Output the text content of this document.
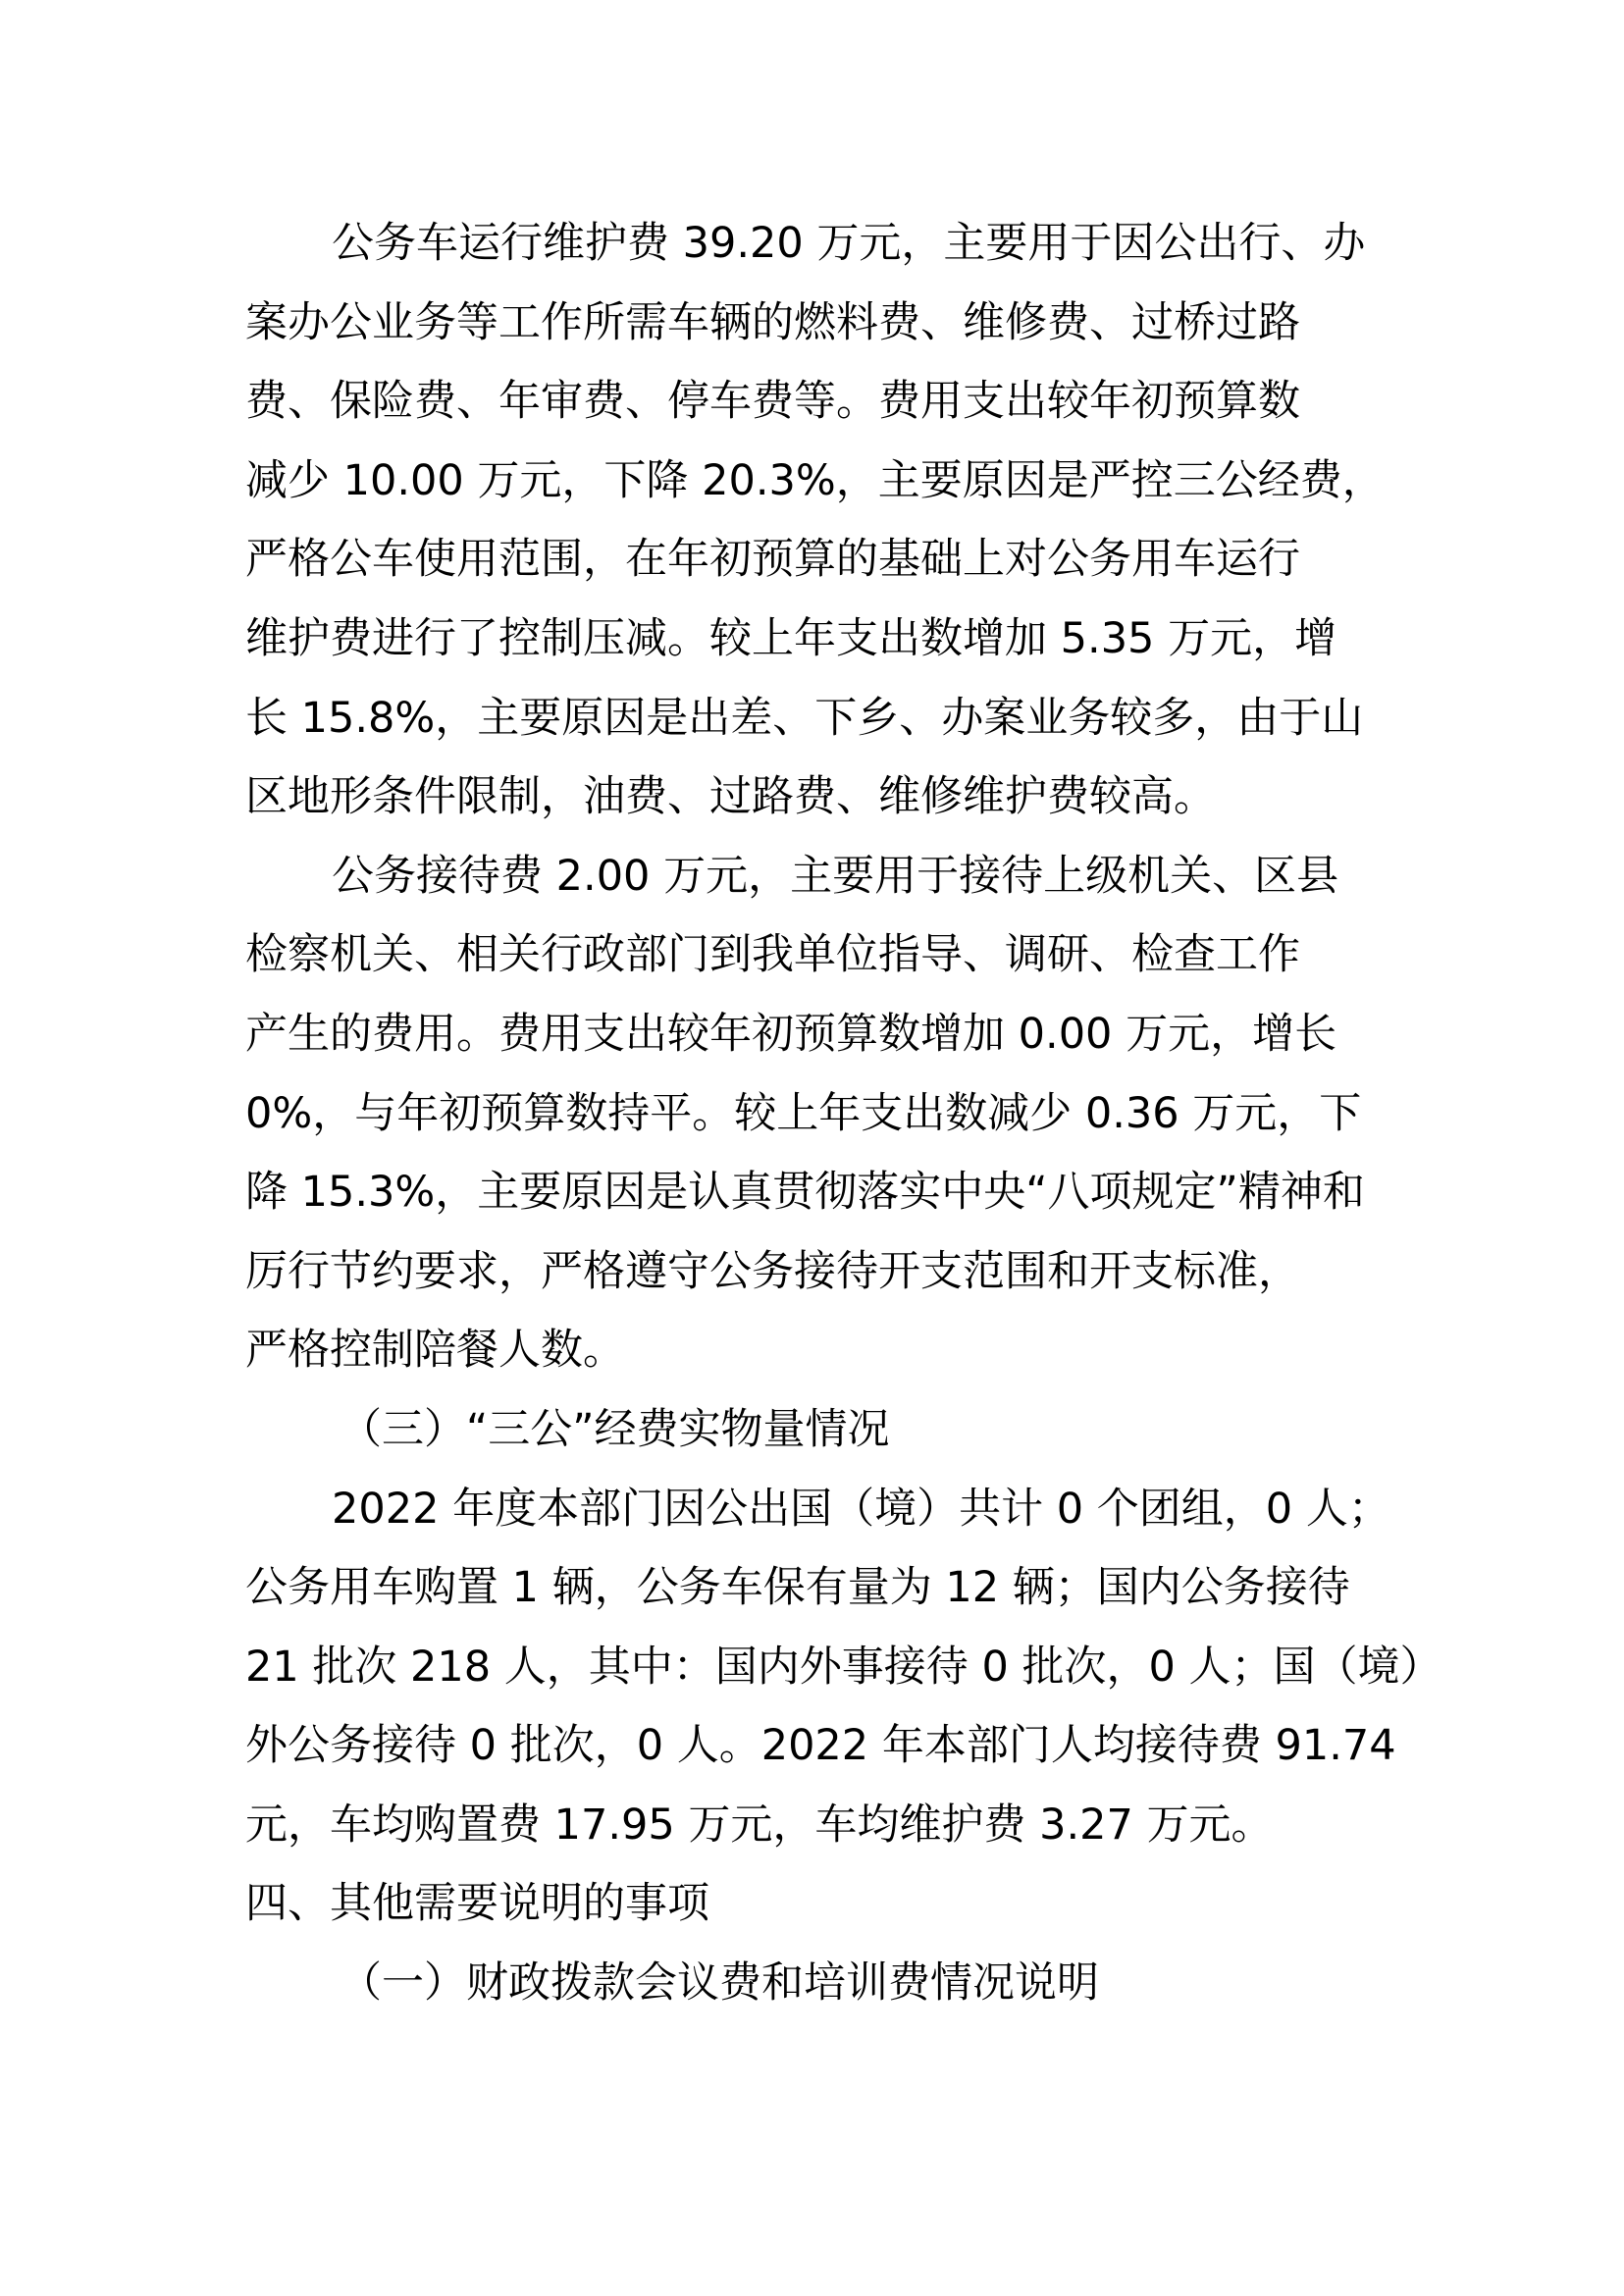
公务车运行维护费 39.20 万元，主要用于因公出行、办
案办公业务等工作所需车辆的燃料费、维修费、过桥过路
费、保险费、年审费、停车费等。费用支出较年初预算数
减少 10.00 万元，下降 20.3%，主要原因是严控三公经费，
严格公车使用范围，在年初预算的基础上对公务用车运行
维护费进行了控制压减。较上年支出数增加 5.35 万元，增
长 15.8%，主要原因是出差、下乡、办案业务较多，由于山
区地形条件限制，油费、过路费、维修维护费较高。
公务接待费 2.00 万元，主要用于接待上级机关、区县
检察机关、相关行政部门到我单位指导、调研、检查工作
产生的费用。费用支出较年初预算数增加 0.00 万元，增长
0%，与年初预算数持平。较上年支出数减少 0.36 万元，下
降 15.3%，主要原因是认真贯彻落实中央“八项规定”精神和
厉行节约要求，严格遵守公务接待开支范围和开支标准，
严格控制陪餐人数。
（三）“三公”经费实物量情况
2022 年度本部门因公出国（境）共计 0 个团组，0 人；
公务用车购置 1 辆，公务车保有量为 12 辆；国内公务接待
21 批次 218 人，其中：国内外事接待 0 批次，0 人；国（境）
外公务接待 0 批次，0 人。2022 年本部门人均接待费 91.74
元，车均购置费 17.95 万元，车均维护费 3.27 万元。
四、其他需要说明的事项
（一）财政拨款会议费和培训费情况说明
